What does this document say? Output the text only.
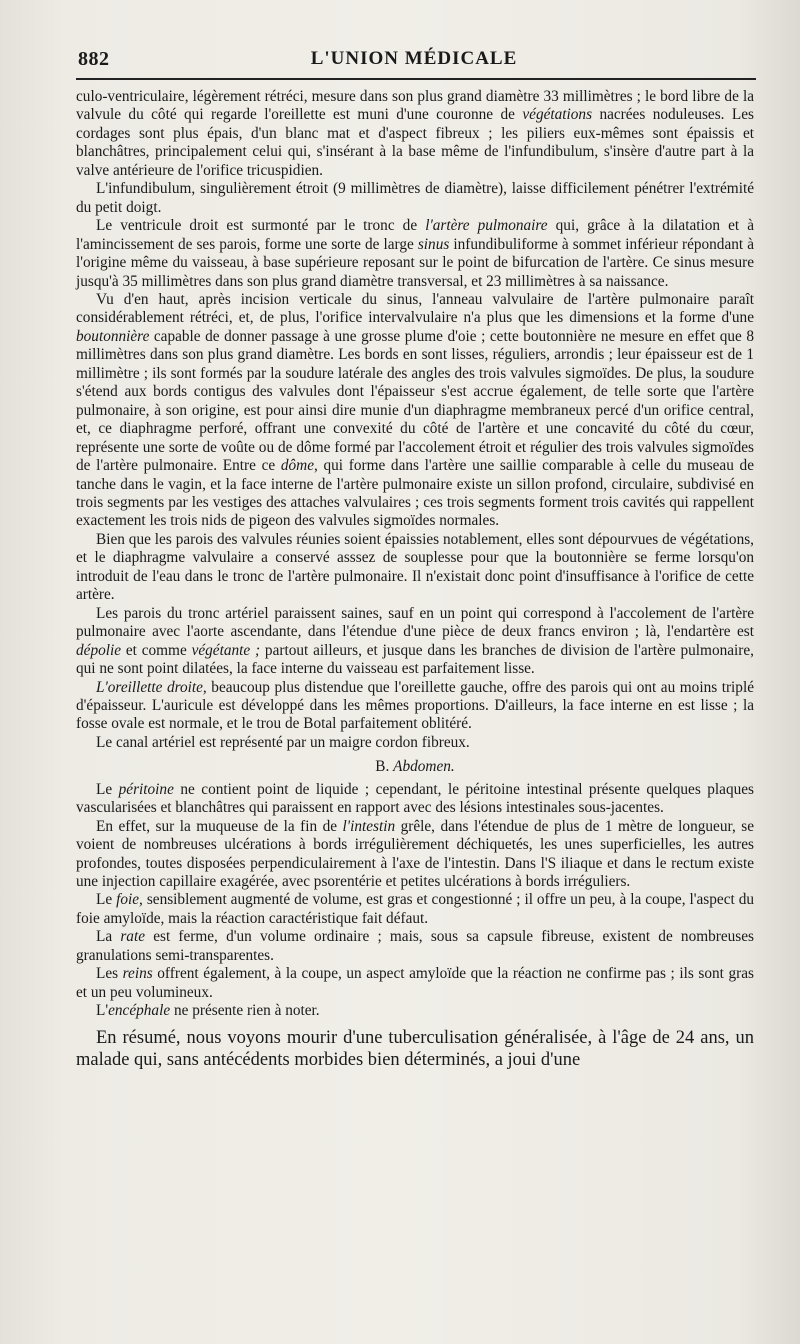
882	L'UNION MÉDICALE

culo-ventriculaire, légèrement rétréci, mesure dans son plus grand diamètre 33 millimètres ; le bord libre de la valvule du côté qui regarde l'oreillette est muni d'une couronne de végétations nacrées noduleuses. Les cordages sont plus épais, d'un blanc mat et d'aspect fibreux ; les piliers eux-mêmes sont épaissis et blanchâtres, principalement celui qui, s'insérant à la base même de l'infundibulum, s'insère d'autre part à la valve antérieure de l'orifice tricuspidien.

L'infundibulum, singulièrement étroit (9 millimètres de diamètre), laisse difficilement pénétrer l'extrémité du petit doigt.

Le ventricule droit est surmonté par le tronc de l'artère pulmonaire qui, grâce à la dilatation et à l'amincissement de ses parois, forme une sorte de large sinus infundibuliforme à sommet inférieur répondant à l'origine même du vaisseau, à base supérieure reposant sur le point de bifurcation de l'artère. Ce sinus mesure jusqu'à 35 millimètres dans son plus grand diamètre transversal, et 23 millimètres à sa naissance.

Vu d'en haut, après incision verticale du sinus, l'anneau valvulaire de l'artère pulmonaire paraît considérablement rétréci, et, de plus, l'orifice intervalvulaire n'a plus que les dimensions et la forme d'une boutonnière capable de donner passage à une grosse plume d'oie ; cette boutonnière ne mesure en effet que 8 millimètres dans son plus grand diamètre. Les bords en sont lisses, réguliers, arrondis ; leur épaisseur est de 1 millimètre ; ils sont formés par la soudure latérale des angles des trois valvules sigmoïdes. De plus, la soudure s'étend aux bords contigus des valvules dont l'épaisseur s'est accrue également, de telle sorte que l'artère pulmonaire, à son origine, est pour ainsi dire munie d'un diaphragme membraneux percé d'un orifice central, et, ce diaphragme perforé, offrant une convexité du côté de l'artère et une concavité du côté du cœur, représente une sorte de voûte ou de dôme formé par l'accolement étroit et régulier des trois valvules sigmoïdes de l'artère pulmonaire. Entre ce dôme, qui forme dans l'artère une saillie comparable à celle du museau de tanche dans le vagin, et la face interne de l'artère pulmonaire existe un sillon profond, circulaire, subdivisé en trois segments par les vestiges des attaches valvulaires ; ces trois segments forment trois cavités qui rappellent exactement les trois nids de pigeon des valvules sigmoïdes normales.

Bien que les parois des valvules réunies soient épaissies notablement, elles sont dépourvues de végétations, et le diaphragme valvulaire a conservé asssez de souplesse pour que la boutonnière se ferme lorsqu'on introduit de l'eau dans le tronc de l'artère pulmonaire. Il n'existait donc point d'insuffisance à l'orifice de cette artère.

Les parois du tronc artériel paraissent saines, sauf en un point qui correspond à l'accolement de l'artère pulmonaire avec l'aorte ascendante, dans l'étendue d'une pièce de deux francs environ ; là, l'endartère est dépolie et comme végétante ; partout ailleurs, et jusque dans les branches de division de l'artère pulmonaire, qui ne sont point dilatées, la face interne du vaisseau est parfaitement lisse.

L'oreillette droite, beaucoup plus distendue que l'oreillette gauche, offre des parois qui ont au moins triplé d'épaisseur. L'auricule est développé dans les mêmes proportions. D'ailleurs, la face interne en est lisse ; la fosse ovale est normale, et le trou de Botal parfaitement oblitéré.

Le canal artériel est représenté par un maigre cordon fibreux.

B. Abdomen.

Le péritoine ne contient point de liquide ; cependant, le péritoine intestinal présente quelques plaques vascularisées et blanchâtres qui paraissent en rapport avec des lésions intestinales sous-jacentes.

En effet, sur la muqueuse de la fin de l'intestin grêle, dans l'étendue de plus de 1 mètre de longueur, se voient de nombreuses ulcérations à bords irrégulièrement déchiquetés, les unes superficielles, les autres profondes, toutes disposées perpendiculairement à l'axe de l'intestin. Dans l'S iliaque et dans le rectum existe une injection capillaire exagérée, avec psorentérie et petites ulcérations à bords irréguliers.

Le foie, sensiblement augmenté de volume, est gras et congestionné ; il offre un peu, à la coupe, l'aspect du foie amyloïde, mais la réaction caractéristique fait défaut.

La rate est ferme, d'un volume ordinaire ; mais, sous sa capsule fibreuse, existent de nombreuses granulations semi-transparentes.

Les reins offrent également, à la coupe, un aspect amyloïde que la réaction ne confirme pas ; ils sont gras et un peu volumineux.

L'encéphale ne présente rien à noter.

En résumé, nous voyons mourir d'une tuberculisation généralisée, à l'âge de 24 ans, un malade qui, sans antécédents morbides bien déterminés, a joui d'une
